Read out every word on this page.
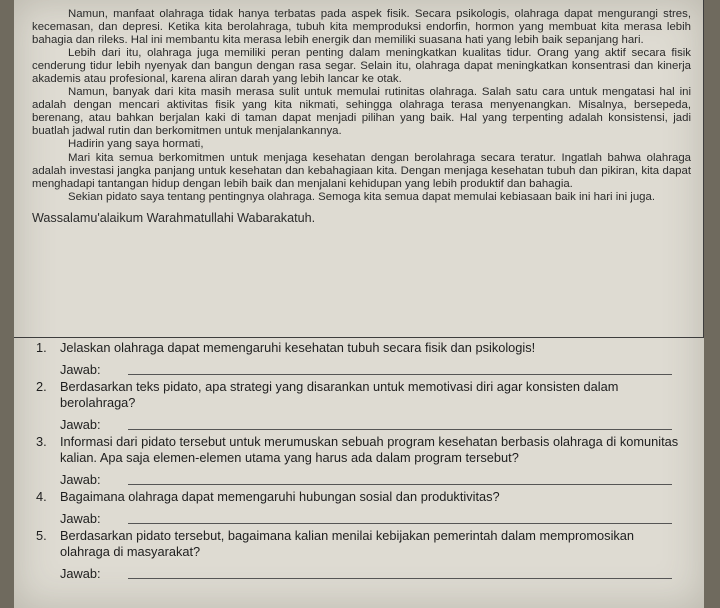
Namun, manfaat olahraga tidak hanya terbatas pada aspek fisik. Secara psikologis, olahraga dapat mengurangi stres, kecemasan, dan depresi. Ketika kita berolahraga, tubuh kita memproduksi endorfin, hormon yang membuat kita merasa lebih bahagia dan rileks. Hal ini membantu kita merasa lebih energik dan memiliki suasana hati yang lebih baik sepanjang hari.

Lebih dari itu, olahraga juga memiliki peran penting dalam meningkatkan kualitas tidur. Orang yang aktif secara fisik cenderung tidur lebih nyenyak dan bangun dengan rasa segar. Selain itu, olahraga dapat meningkatkan konsentrasi dan kinerja akademis atau profesional, karena aliran darah yang lebih lancar ke otak.

Namun, banyak dari kita masih merasa sulit untuk memulai rutinitas olahraga. Salah satu cara untuk mengatasi hal ini adalah dengan mencari aktivitas fisik yang kita nikmati, sehingga olahraga terasa menyenangkan. Misalnya, bersepeda, berenang, atau bahkan berjalan kaki di taman dapat menjadi pilihan yang baik. Hal yang terpenting adalah konsistensi, jadi buatlah jadwal rutin dan berkomitmen untuk menjalankannya.

Hadirin yang saya hormati,

Mari kita semua berkomitmen untuk menjaga kesehatan dengan berolahraga secara teratur. Ingatlah bahwa olahraga adalah investasi jangka panjang untuk kesehatan dan kebahagiaan kita. Dengan menjaga kesehatan tubuh dan pikiran, kita dapat menghadapi tantangan hidup dengan lebih baik dan menjalani kehidupan yang lebih produktif dan bahagia.

Sekian pidato saya tentang pentingnya olahraga. Semoga kita semua dapat memulai kebiasaan baik ini hari ini juga.

Wassalamu'alaikum Warahmatullahi Wabarakatuh.

1. Jelaskan olahraga dapat memengaruhi kesehatan tubuh secara fisik dan psikologis!
Jawab:
2. Berdasarkan teks pidato, apa strategi yang disarankan untuk memotivasi diri agar konsisten dalam berolahraga?
Jawab:
3. Informasi dari pidato tersebut untuk merumuskan sebuah program kesehatan berbasis olahraga di komunitas kalian. Apa saja elemen-elemen utama yang harus ada dalam program tersebut?
Jawab:
4. Bagaimana olahraga dapat memengaruhi hubungan sosial dan produktivitas?
Jawab:
5. Berdasarkan pidato tersebut, bagaimana kalian menilai kebijakan pemerintah dalam mempromosikan olahraga di masyarakat?
Jawab:
